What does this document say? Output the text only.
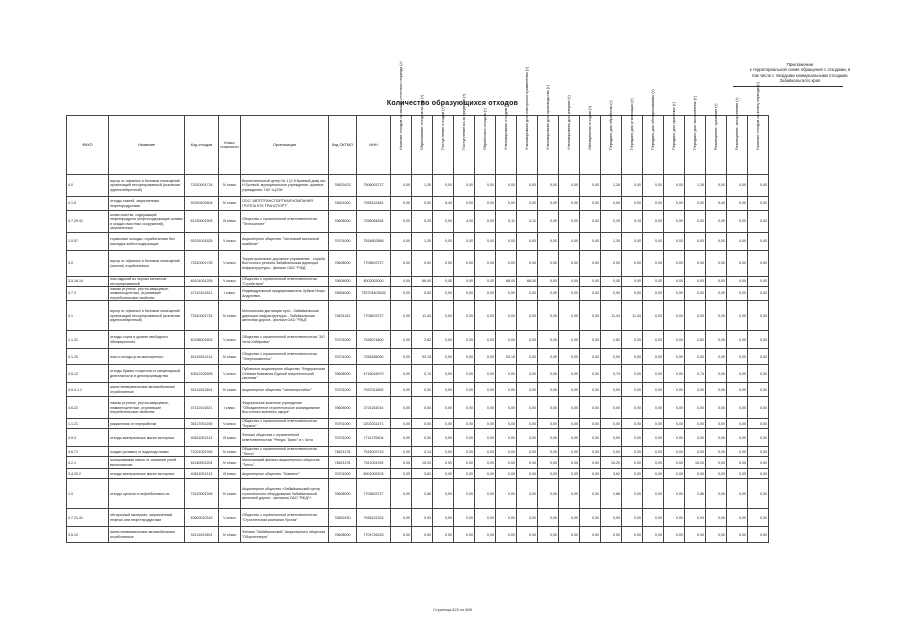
Приложение
к территориальной схеме обращения с отходами, в
том числе с твердыми коммунальными отходами,
Забайкальского края
Количество образующихся отходов
ФККО	Название	Код отходов	Класс опасности	Организация	Код ОКТМО	ИНН	Наличие отходов на начало отчетного периода (т)	Образование отходов за год (т)	Поступление отходов (т)	Поступление из-за пределов (т)	Обработано отходов (т)	Утилизировано отходов (т)	Утилизировано для повторного применения (т)	Утилизировано для производства (т)	Утилизировано для энергии (т)	Обезврежено отходов (т)	Передано для обработки (т)	Передано для утилизации (т)	Передано для обезвреживания (т)	Передано для хранения (т)	Передано для захоронения (т)	Размещение: хранение (т)	Размещение: захоронение (т)	Наличие отходов на конец периода (т)

4.0	мусор от офисных и бытовых помещений организаций несортированный (исключая крупногабаритный)	73310001724	IV класс	Воспитательный центр № 1 (2-й Краевой дом) им. Н.Гусевой, муниципальное учреждение, краевое учреждение, ГАУ «ЦЭЭ»	76633433	7506003727	0,00	1,26	0,00	0,00	0,00	0,00	0,00	0,00	0,00	0,00	1,26	0,00	0,00	0,00	1,26	0,00	0,00	0,00
4.1.5	отходы тканей, загрязненные нефтепродуктами	91920402604	IV класс	ООО "АВТОТРАНСПОРТНАЯ КОМПАНИЯ ГРУППА БТК ТРАНСПОРТ"	76621000	7536112484	0,00	0,00	5,40	0,00	0,00	0,00	0,00	0,00	0,00	0,00	0,00	0,00	0,00	0,00	0,00	5,40	0,00	0,00
4.7.29.41	шлам очистки, содержащий нефтепродукты (нефтесодержащие шламы и осадки очистных сооружений), загрязненные	81230001305	III класс	Общество с ограниченной ответственностью "Техносилинг"	76608000	7536084634	0,00	0,25	0,00	4,00	0,00	0,11	0,11	0,00	0,00	0,00	0,29	0,19	0,00	0,00	0,00	0,00	0,00	0,00
1.0.57	тормозные колодки, отработанные без накладок асбестсодержащих	92031001525	V класс	Акционерное общество "Читинский молочный комбинат"	76701000	7534802868	0,00	1,30	0,00	0,00	0,00	0,00	0,00	0,00	0,00	0,00	1,30	0,00	0,00	0,00	0,00	0,00	0,00	0,00
4.0	мусор от офисных и бытовых помещений (чистые) отработанные	73310001725	V класс	Территориальное дорожное управление - служба Восточного региона Забайкальская дирекция инфраструктуры - филиал ОАО "РЖД"	76608000	7708503727	0,00	0,92	0,00	0,00	0,00	0,00	0,00	0,00	0,00	0,00	0,00	0,00	0,00	0,00	0,00	0,00	0,00	0,00
3.5.16.14	лом изделий из черных металлов несортированный	46101001205	V класс	Общество с ограниченной ответственностью "Стройсталь"	76608000	8002003000	0,00	66,00	0,00	0,00	0,00	66,00	66,00	0,00	0,00	0,00	0,00	0,00	0,00	0,00	0,00	0,00	0,00	0,00
4.7.2	лампы ртутные, ртутно-кварцевые, люминесцентные, утратившие потребительские свойства	47110101521	I класс	Индивидуальный предприниматель Зубков Игорь Андреевич	76654000	752704403526	0,00	0,50	0,00	0,00	0,00	0,00	0,00	0,00	0,00	0,00	0,50	0,00	0,00	0,00	0,00	0,00	0,00	0,00
4.1	мусор от офисных и бытовых помещений организаций несортированный (исключая крупногабаритный)	73310001724	IV класс	Могочинская дистанция пути - Забайкальская дирекция инфраструктуры - Забайкальская железная дорога - филиал ОАО "РЖД"	76631151	7708503727	0,00	11,44	0,00	0,00	0,00	0,00	0,00	0,00	0,00	0,00	11,44	11,44	0,00	0,00	0,00	0,00	0,00	0,00
1.1.31	отходы сорта и уровня свободного обезжиренного	40158001602	V класс	Общество с ограниченной ответственностью "АО Чита-Хабаровск"	76701000	7536074800	0,00	2,82	0,00	0,00	0,00	0,00	0,00	0,00	0,00	0,00	2,82	0,00	0,00	0,00	2,82	0,00	0,00	0,00
4.1.20	лом и отходы угля малоценного	61110001214	IV класс	Общество с ограниченной ответственностью "Энергокомплекс"	76701000	7536166050	0,00	53,15	0,00	0,00	0,00	53,15	0,00	0,00	0,00	0,00	0,00	0,00	0,00	0,00	0,00	0,00	0,00	0,00
3.5.12	отходы бумаги и картона от канцелярской деятельности и делопроизводства	40512202605	V класс	Публичное акционерное общество "Федеральная Сетевая Компания Единой энергетической системы"	76608000	4716016979	0,00	0,74	0,00	0,00	0,00	0,00	0,00	0,00	0,00	0,00	0,74	0,00	0,00	0,00	0,74	0,00	0,00	0,00
4.9.4.1.1	шины пневматические автомобильные отработанные	92111001504	IV класс	Акционерное общество "Читаэнергосбыт"	76701000	7537011809	0,00	0,00	0,00	0,00	0,00	0,00	0,00	0,00	0,00	0,00	0,00	0,00	0,00	0,00	0,00	0,00	0,00	0,00
4.6.22	лампы ртутные, ртутно-кварцевые, люминесцентные, утратившие потребительские свойства	47110101521	I класс	Федеральное казенное учреждение "Объединенное стратегическое командование Восточного военного округа"	76608000	2721163014	0,00	0,54	0,00	0,00	0,00	0,00	0,00	0,00	0,00	0,00	0,00	0,00	0,00	0,00	0,00	0,00	0,00	0,00
1.1.21	ракушечник от переработки	30117001205	V класс	Общество с ограниченной ответственностью "Зоряна"	76701000	2202031471	0,00	0,00	0,00	0,00	0,00	0,00	0,00	0,00	0,00	0,00	0,00	0,00	0,00	0,00	0,00	0,00	0,00	0,00
4.9.3	отходы минеральных масел моторных	40611001313	III класс	Филиал общества с ограниченной ответственностью "Ресурс Транс" в г. Чита	76701000	7714725404	0,00	0,00	0,00	0,00	0,00	0,00	0,00	0,00	0,00	0,00	0,00	0,00	0,00	0,00	0,00	0,00	0,00	0,00
4.6.71	осадки (шламы) от водоподготовки	71021001394	IV класс	Общество с ограниченной ответственностью "Тепло"	76621178	7515002743	0,00	2,14	0,00	0,00	0,00	0,00	0,00	0,00	0,00	0,00	0,00	0,00	0,00	0,00	0,00	0,00	0,00	0,00
4.2.1	золошлаковая смесь от сжигания углей малоопасная	61140001204	IV класс	Молочанский филиал акционерного общества "Тепло"	76621178	7512001195	0,00	15,20	0,00	0,00	0,00	0,00	0,00	0,00	0,00	0,00	15,20	0,00	0,00	0,00	15,20	0,00	0,00	0,00
3.4.20.2	отходы минеральных масел моторных	40611001313	III класс	Акционерное общество "Ломмент"	76701000	8001005103	0,00	3,62	0,00	0,00	0,00	0,00	0,00	0,00	0,00	0,00	3,62	0,00	0,00	0,00	0,00	0,00	0,00	0,00
1.0	отходы щелочи и нефтебытовых их	73120001394	IV класс	Акционерное общество «Забайкальский центр строительного оборудования Забайкальской железной дороги - филиала ОАО "РЖД"»	76608000	7708503727	0,00	2,86	0,00	0,00	0,00	0,00	0,00	0,00	0,00	0,00	2,86	0,00	0,00	0,00	2,86	0,00	0,00	0,00
0.7.21.41	обтирочный материал, загрязненный нефтью или нефтепродуктами	40600010315	V класс	Общество с ограниченной ответственностью "Строительная компания Урочик"	76652430	7536122324	0,00	0,93	0,00	0,00	0,00	0,00	0,00	0,00	0,00	0,00	0,93	0,00	0,00	0,00	0,93	0,00	0,00	0,00
3.5.12	шины пневматические автомобильные отработанные	92111001504	IV класс	Филиал "Забайкальский" Акционерного общества "Оборонэнерго"	76608000	7704726225	0,00	0,00	0,00	0,00	0,00	0,00	0,00	0,00	0,00	0,00	0,00	0,00	0,00	0,00	0,00	0,00	0,00	0,00
Страница 622 из 665
